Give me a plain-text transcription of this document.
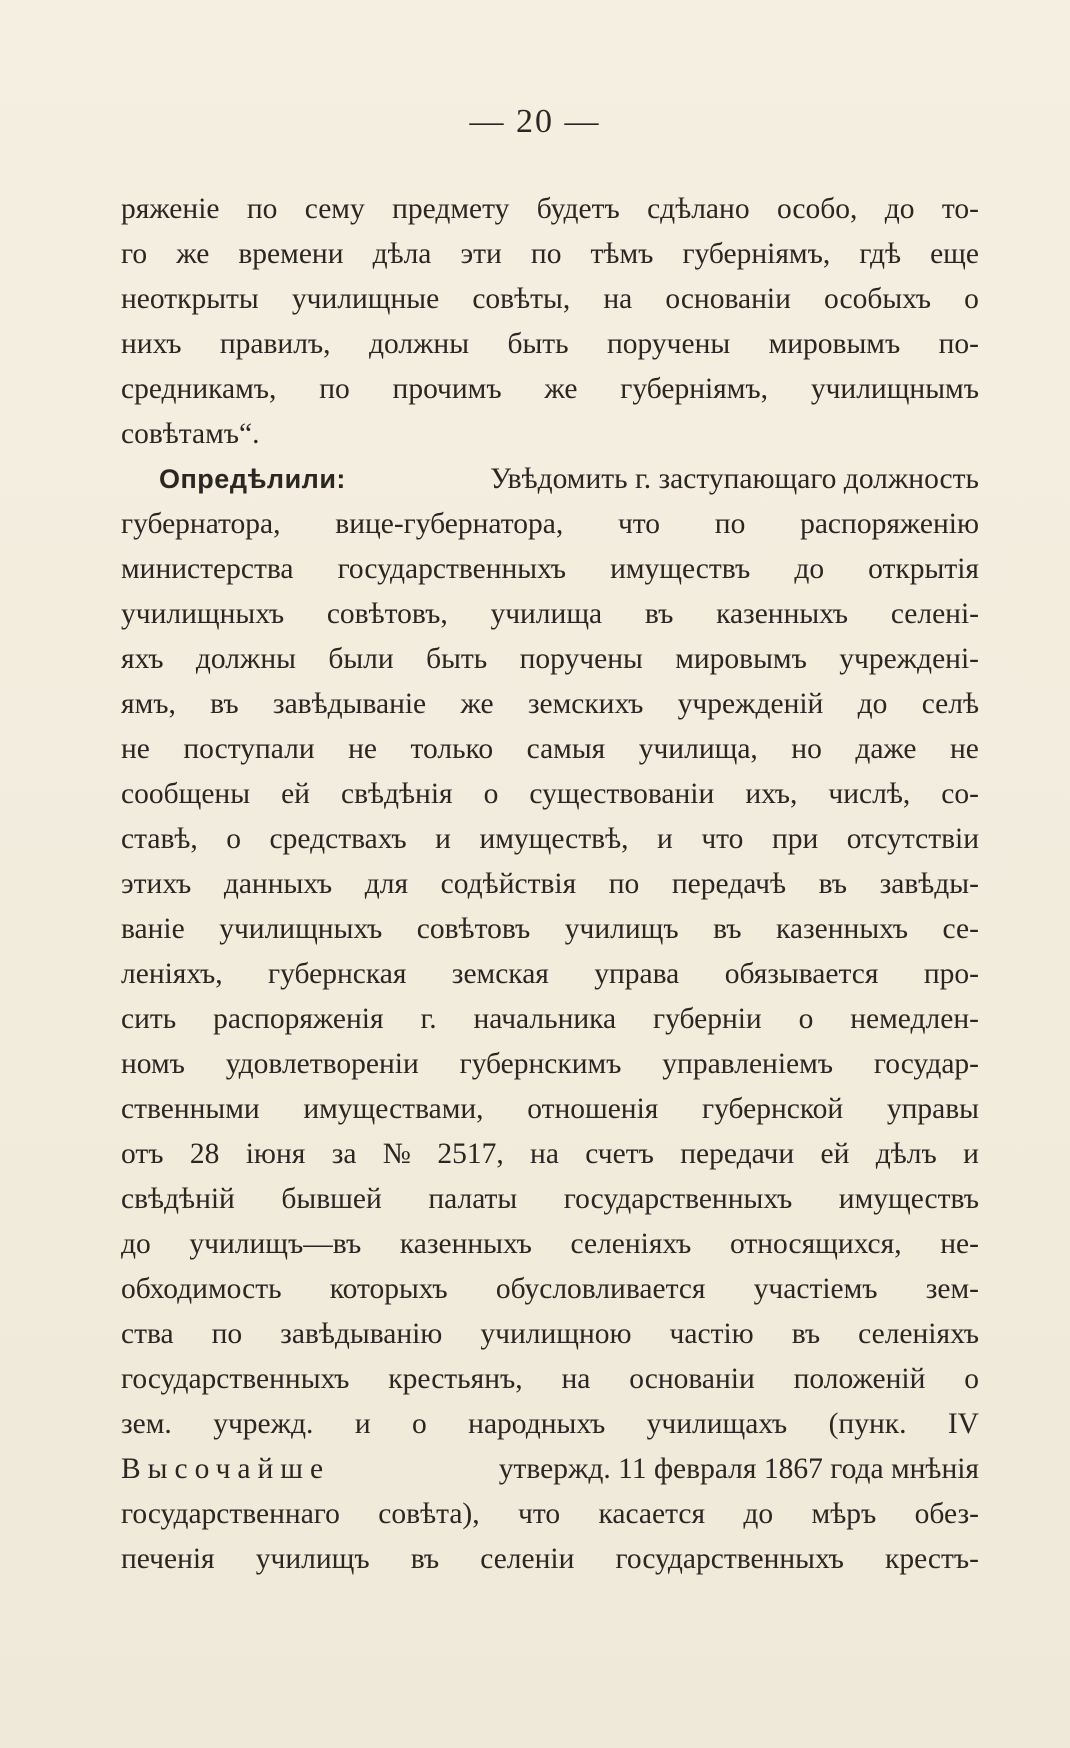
— 20 —
ряженіе по сему предмету будетъ сдѣлано особо, до то-
го же времени дѣла эти по тѣмъ губерніямъ, гдѣ еще
неоткрыты училищные совѣты, на основаніи особыхъ о
нихъ правилъ, должны быть поручены мировымъ по-
средникамъ, по прочимъ же губерніямъ, училищнымъ
совѣтамъ“.
Опредѣлили:	Увѣдомить г. заступающаго должность
губернатора, вице-губернатора, что по распоряженію
министерства государственныхъ имуществъ до открытія
училищныхъ совѣтовъ, училища въ казенныхъ селені-
яхъ должны были быть поручены мировымъ учреждені-
ямъ, въ завѣдываніе же земскихъ учрежденій до селѣ
не поступали не только самыя училища, но даже не
сообщены ей свѣдѣнія о существованіи ихъ, числѣ, со-
ставѣ, о средствахъ и имуществѣ, и что при отсутствіи
этихъ данныхъ для содѣйствія по передачѣ въ завѣды-
ваніе училищныхъ совѣтовъ училищъ въ казенныхъ се-
леніяхъ, губернская земская управа обязывается про-
сить распоряженія г. начальника губерніи о немедлен-
номъ удовлетвореніи губернскимъ управленіемъ государ-
ственными имуществами, отношенія губернской управы
отъ 28 іюня за № 2517, на счетъ передачи ей дѣлъ и
свѣдѣній бывшей палаты государственныхъ имуществъ
до училищъ—въ казенныхъ селеніяхъ относящихся, не-
обходимость которыхъ обусловливается участіемъ зем-
ства по завѣдыванію училищною частію въ селеніяхъ
государственныхъ крестьянъ, на основаніи положеній о
зем. учрежд. и о народныхъ училищахъ (пунк. IV
Высочайше	утвержд. 11 февраля 1867 года мнѣнія
государственнаго совѣта), что касается до мѣръ обез-
печенія училищъ въ селеніи государственныхъ крестъ-
